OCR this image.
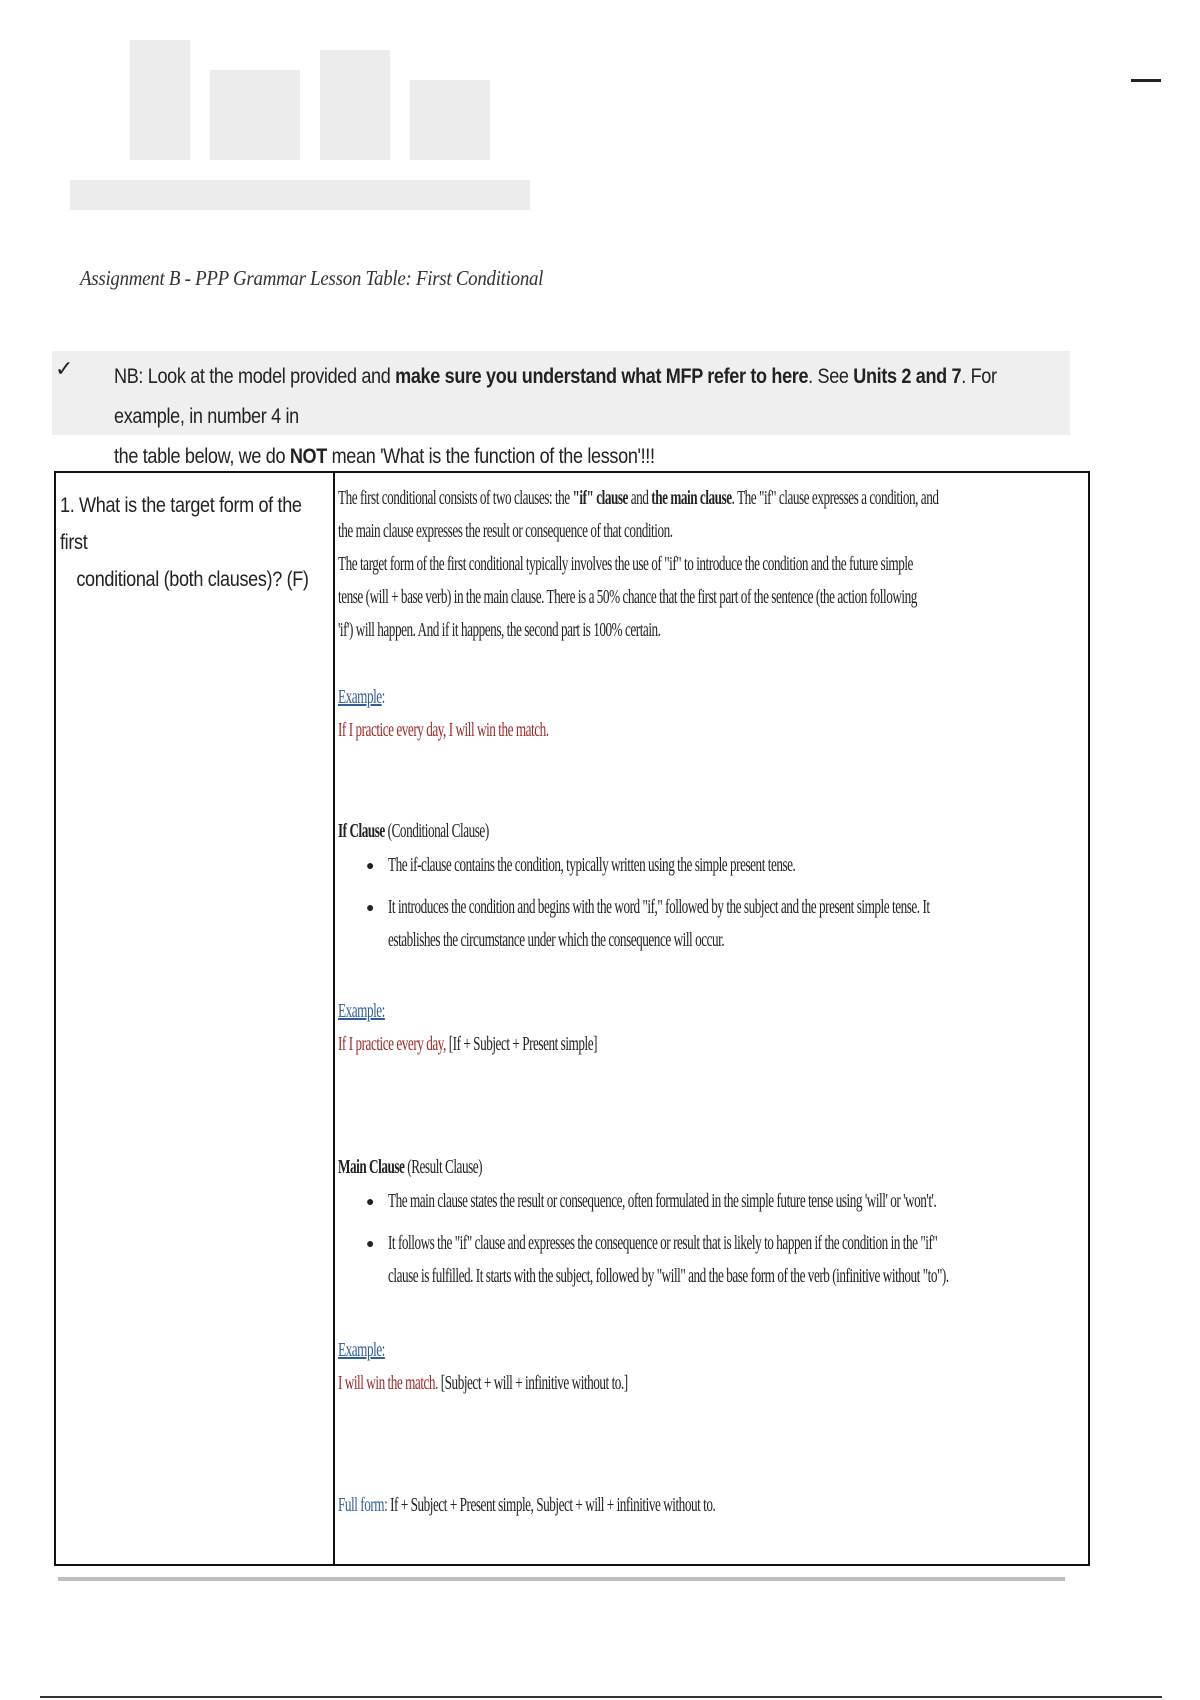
Assignment B - PPP Grammar Lesson Table: First Conditional
✓ NB: Look at the model provided and make sure you understand what MFP refer to here. See Units 2 and 7. For example, in number 4 in
the table below, we do NOT mean 'What is the function of the lesson'!!!
1. What is the target form of the first
conditional (both clauses)? (F)
The first conditional consists of two clauses: the "if" clause and the main clause. The "if" clause expresses a condition, and
the main clause expresses the result or consequence of that condition.
The target form of the first conditional typically involves the use of "if" to introduce the condition and the future simple
tense (will + base verb) in the main clause. There is a 50% chance that the first part of the sentence (the action following
'if') will happen. And if it happens, the second part is 100% certain.
Example:
If I practice every day, I will win the match.
If Clause (Conditional Clause)
● The if-clause contains the condition, typically written using the simple present tense.
● It introduces the condition and begins with the word "if," followed by the subject and the present simple tense. It
establishes the circumstance under which the consequence will occur.
Example:
If I practice every day, [If + Subject + Present simple]
Main Clause (Result Clause)
● The main clause states the result or consequence, often formulated in the simple future tense using 'will' or 'won't'.
● It follows the "if" clause and expresses the consequence or result that is likely to happen if the condition in the "if"
clause is fulfilled. It starts with the subject, followed by "will" and the base form of the verb (infinitive without "to").
Example:
I will win the match. [Subject + will + infinitive without to.]
Full form: If + Subject + Present simple, Subject + will + infinitive without to.
